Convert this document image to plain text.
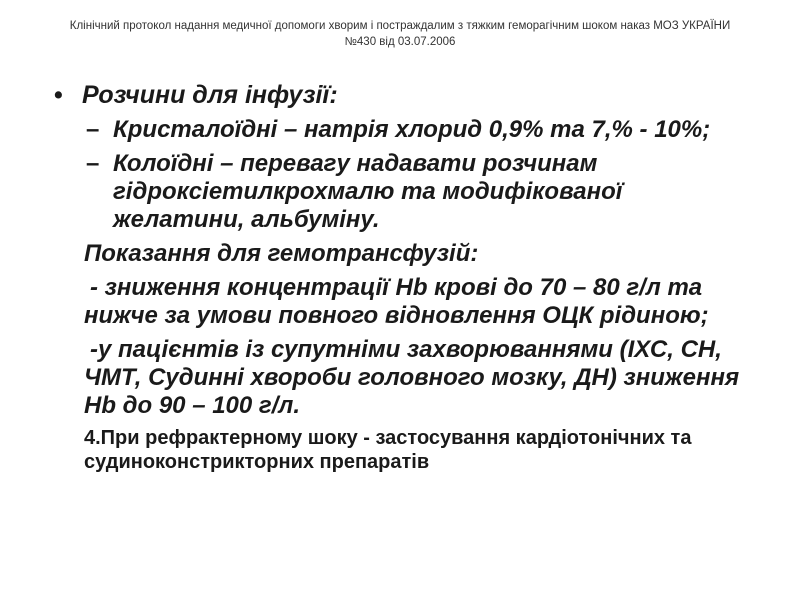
Клінічний протокол надання медичної допомоги хворим і постраждалим з тяжким геморагічним шоком наказ МОЗ УКРАЇНИ
№430 від 03.07.2006
• Розчини для інфузії:
– Кристалоїдні – натрія хлорид 0,9% та 7,% - 10%;
– Колоїдні – перевагу надавати розчинам гідроксіетилкрохмалю та модифікованої желатини, альбуміну.
Показання для гемотрансфузій:
- зниження концентрації Hb крові до 70 – 80 г/л та нижче за умови повного відновлення ОЦК рідиною;
-у пацієнтів із супутніми захворюваннями (ІХС, СН, ЧМТ, Судинні хвороби головного мозку, ДН) зниження Hb до 90 – 100 г/л.
4.При рефрактерному шоку - застосування кардіотонічних та судиноконстрикторних препаратів
